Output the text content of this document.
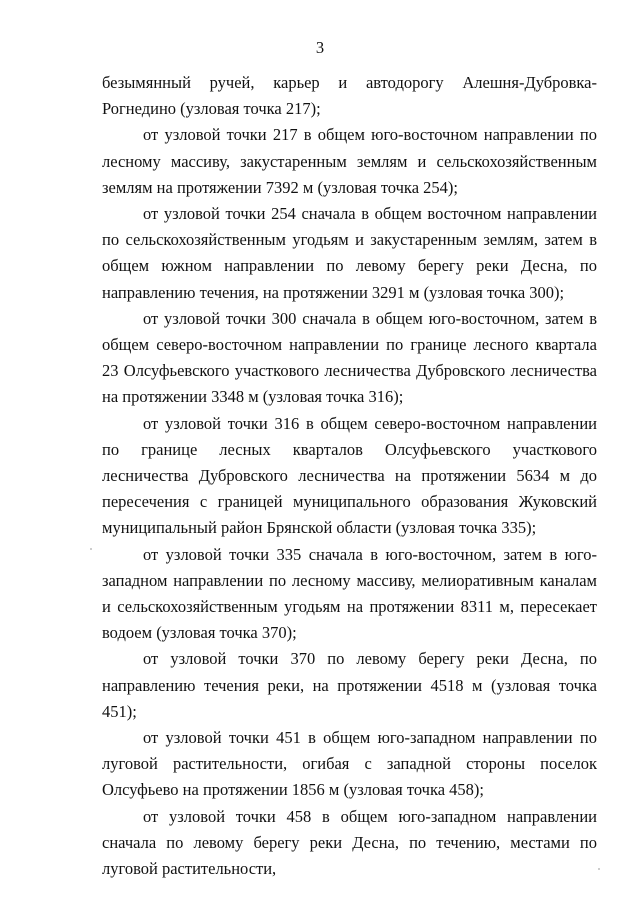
3

безымянный ручей, карьер и автодорогу Алешня-Дубровка-Рогнедино (узловая точка 217);

от узловой точки 217 в общем юго-восточном направлении по лесному массиву, закустаренным землям и сельскохозяйственным землям на протяжении 7392 м (узловая точка 254);

от узловой точки 254 сначала в общем восточном направлении по сельскохозяйственным угодьям и закустаренным землям, затем в общем южном направлении по левому берегу реки Десна, по направлению течения, на протяжении 3291 м (узловая точка 300);

от узловой точки 300 сначала в общем юго-восточном, затем в общем северо-восточном направлении по границе лесного квартала 23 Олсуфьевского участкового лесничества Дубровского лесничества на протяжении 3348 м (узловая точка 316);

от узловой точки 316 в общем северо-восточном направлении по границе лесных кварталов Олсуфьевского участкового лесничества Дубровского лесничества на протяжении 5634 м до пересечения с границей муниципального образования Жуковский муниципальный район Брянской области (узловая точка 335);

от узловой точки 335 сначала в юго-восточном, затем в юго-западном направлении по лесному массиву, мелиоративным каналам и сельскохозяйственным угодьям на протяжении 8311 м, пересекает водоем (узловая точка 370);

от узловой точки 370 по левому берегу реки Десна, по направлению течения реки, на протяжении 4518 м (узловая точка 451);

от узловой точки 451 в общем юго-западном направлении по луговой растительности, огибая с западной стороны поселок Олсуфьево на протяжении 1856 м (узловая точка 458);

от узловой точки 458 в общем юго-западном направлении сначала по левому берегу реки Десна, по течению, местами по луговой растительности,
